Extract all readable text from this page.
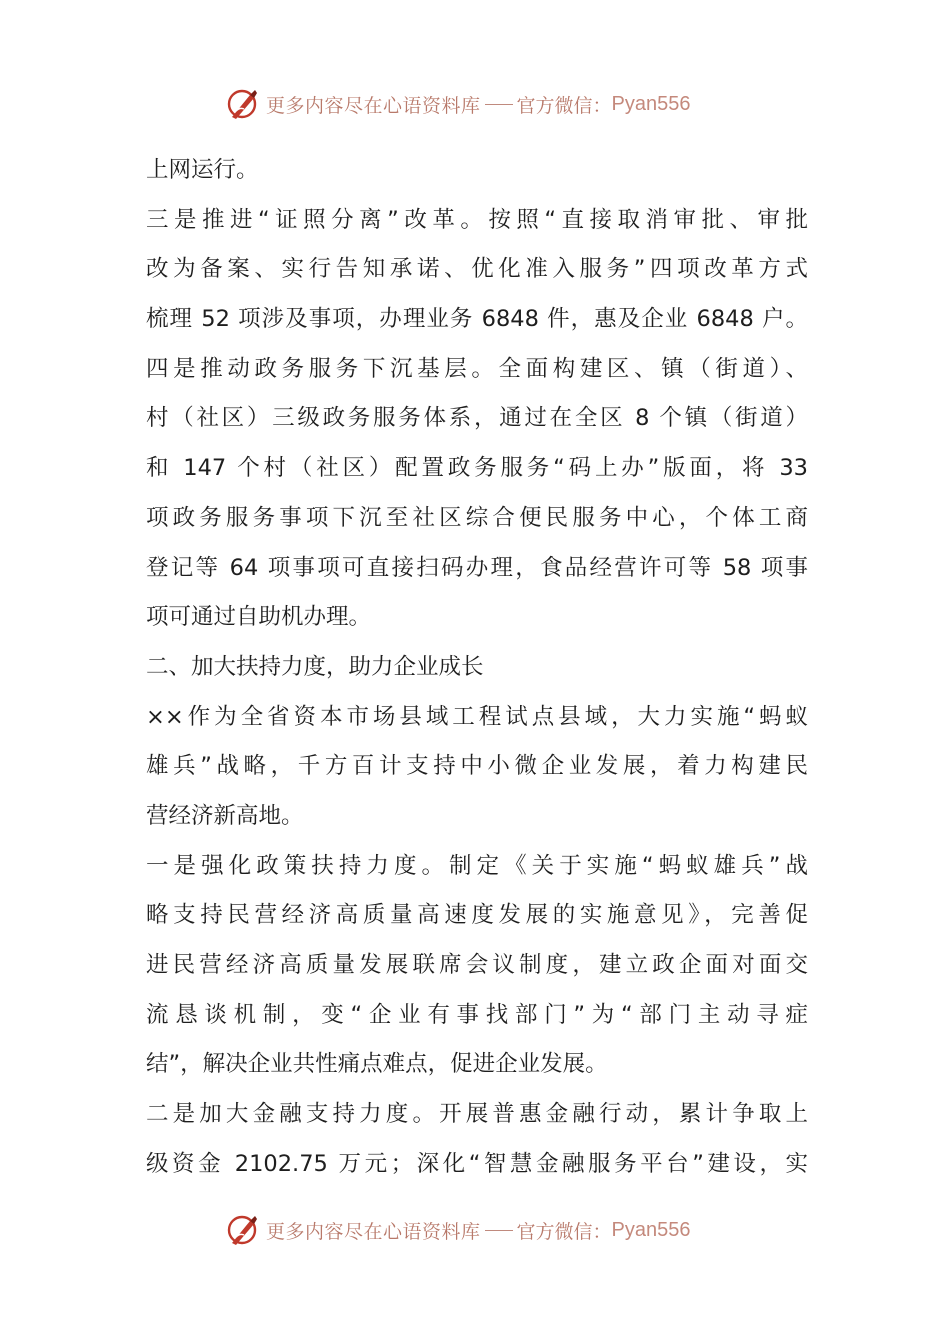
更多内容尽在心语资料库 官方微信： Pyan556
上网运行。
三是推进“证照分离”改革。按照“直接取消审批、审批
改为备案、实行告知承诺、优化准入服务”四项改革方式
梳理 52 项涉及事项，办理业务 6848 件，惠及企业 6848 户。
四是推动政务服务下沉基层。全面构建区、镇（街道）、
村（社区）三级政务服务体系，通过在全区 8 个镇（街道）
和 147 个村（社区）配置政务服务“码上办”版面，将 33
项政务服务事项下沉至社区综合便民服务中心，个体工商
登记等 64 项事项可直接扫码办理，食品经营许可等 58 项事
项可通过自助机办理。
二、加大扶持力度，助力企业成长
××作为全省资本市场县域工程试点县域，大力实施“蚂蚁
雄兵”战略，千方百计支持中小微企业发展，着力构建民
营经济新高地。
一是强化政策扶持力度。制定《关于实施“蚂蚁雄兵”战
略支持民营经济高质量高速度发展的实施意见》，完善促
进民营经济高质量发展联席会议制度，建立政企面对面交
流恳谈机制，变“企业有事找部门”为“部门主动寻症
结”，解决企业共性痛点难点，促进企业发展。
二是加大金融支持力度。开展普惠金融行动，累计争取上
级资金 2102.75 万元；深化“智慧金融服务平台”建设，实
更多内容尽在心语资料库 官方微信： Pyan556
